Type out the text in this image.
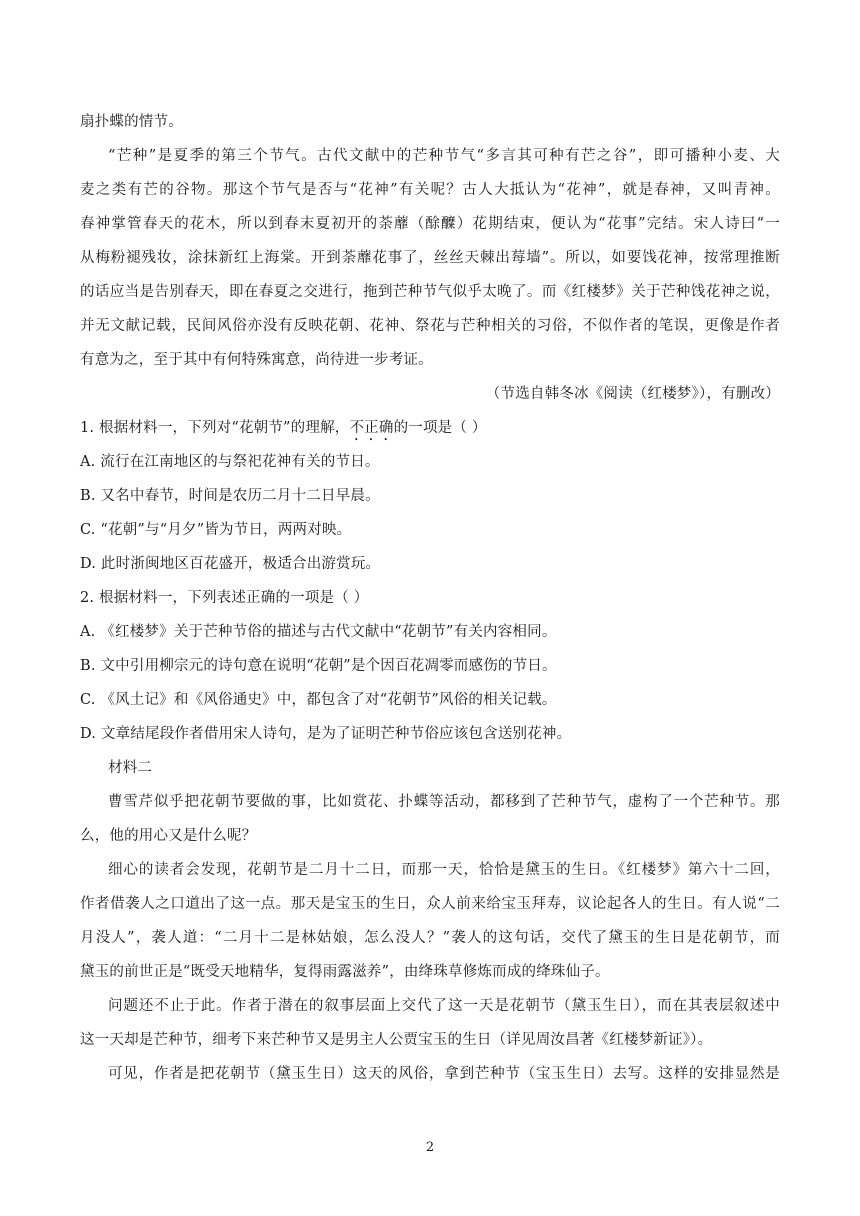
扇扑蝶的情节。
“芒种”是夏季的第三个节气。古代文献中的芒种节气“多言其可种有芒之谷”，即可播种小麦、大
麦之类有芒的谷物。那这个节气是否与“花神”有关呢？古人大抵认为“花神”，就是春神，又叫青神。
春神掌管春天的花木，所以到春末夏初开的荼蘼（酴醾）花期结束，便认为“花事”完结。宋人诗曰“一
从梅粉褪残妆，涂抹新红上海棠。开到荼蘼花事了，丝丝天棘出莓墙”。所以，如要饯花神，按常理推断
的话应当是告别春天，即在春夏之交进行，拖到芒种节气似乎太晚了。而《红楼梦》关于芒种饯花神之说，
并无文献记载，民间风俗亦没有反映花朝、花神、祭花与芒种相关的习俗，不似作者的笔误，更像是作者
有意为之，至于其中有何特殊寓意，尚待进一步考证。
（节选自韩冬冰《阅读（红楼梦》），有删改）
1. 根据材料一，下列对“花朝节”的理解，不正确的一项是（ ）
A. 流行在江南地区的与祭祀花神有关的节日。
B. 又名中春节，时间是农历二月十二日早晨。
C. “花朝”与“月夕”皆为节日，两两对映。
D. 此时浙闽地区百花盛开，极适合出游赏玩。
2. 根据材料一，下列表述正确的一项是（ ）
A. 《红楼梦》关于芒种节俗的描述与古代文献中“花朝节”有关内容相同。
B. 文中引用柳宗元的诗句意在说明“花朝”是个因百花凋零而感伤的节日。
C. 《风土记》和《风俗通史》中，都包含了对“花朝节”风俗的相关记载。
D. 文章结尾段作者借用宋人诗句，是为了证明芒种节俗应该包含送别花神。
材料二
曹雪芹似乎把花朝节要做的事，比如赏花、扑蝶等活动，都移到了芒种节气，虚构了一个芒种节。那
么，他的用心又是什么呢？
细心的读者会发现，花朝节是二月十二日，而那一天，恰恰是黛玉的生日。《红楼梦》第六十二回，
作者借袭人之口道出了这一点。那天是宝玉的生日，众人前来给宝玉拜寿，议论起各人的生日。有人说“二
月没人”，袭人道：“二月十二是林姑娘，怎么没人？”袭人的这句话，交代了黛玉的生日是花朝节，而
黛玉的前世正是“既受天地精华，复得雨露滋养”，由绛珠草修炼而成的绛珠仙子。
问题还不止于此。作者于潜在的叙事层面上交代了这一天是花朝节（黛玉生日），而在其表层叙述中
这一天却是芒种节，细考下来芒种节又是男主人公贾宝玉的生日（详见周汝昌著《红楼梦新证》）。
可见，作者是把花朝节（黛玉生日）这天的风俗，拿到芒种节（宝玉生日）去写。这样的安排显然是
2
